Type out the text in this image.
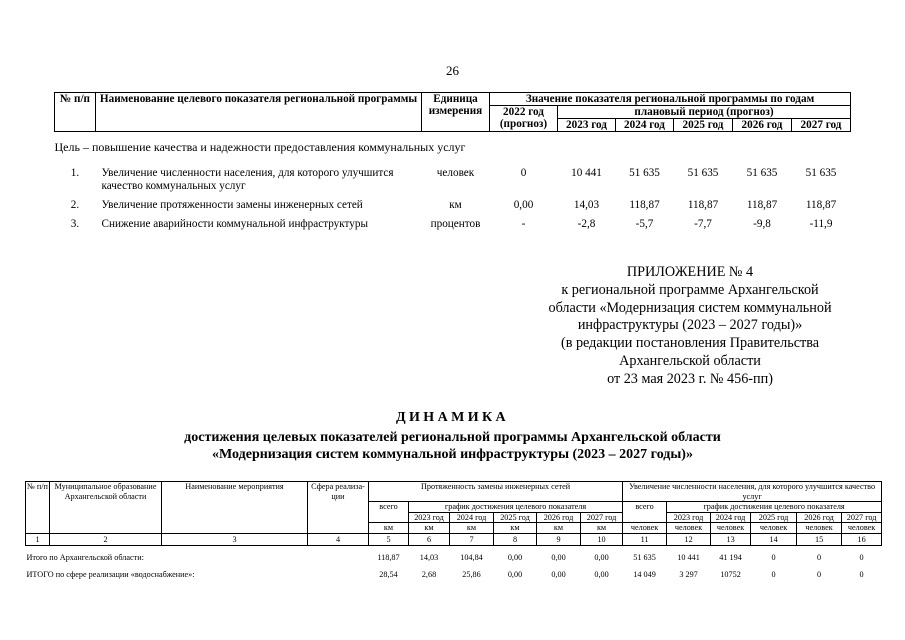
26
№ п/п	Наименование целевого показателя региональной программы	Единица измерения	Значение показателя региональной программы по годам					
			2022 год (прогноз)	плановый период (прогноз)				
				2023 год	2024 год	2025 год	2026 год	2027 год
Цель – повышение качества и надежности предоставления коммунальных услуг								
1.	Увеличение численности населения, для которого улучшится качество коммунальных услуг	человек	0	10 441	51 635	51 635	51 635	51 635
2.	Увеличение протяженности замены инженерных сетей	км	0,00	14,03	118,87	118,87	118,87	118,87
3.	Снижение аварийности коммунальной инфраструктуры	процентов	-	-2,8	-5,7	-7,7	-9,8	-11,9
ПРИЛОЖЕНИЕ № 4
к региональной программе Архангельской
области «Модернизация систем коммунальной
инфраструктуры (2023 – 2027 годы)»
(в редакции постановления Правительства
Архангельской области
от 23 мая 2023 г. № 456-пп)
ДИНАМИКА
достижения целевых показателей региональной программы Архангельской области
«Модернизация систем коммунальной инфраструктуры (2023 – 2027 годы)»
№ п/п	Муниципальное образование Архангельской области	Наименование мероприятия	Сфера реализа- ции	Протяженность замены инженерных сетей						Увеличение численности населения, для которого улучшится качество услуг					
				всего	график достижения целевого показателя					всего	график достижения целевого показателя				
					2023 год	2024 год	2025 год	2026 год	2027 год		2023 год	2024 год	2025 год	2026 год	2027 год
				км	км	км	км	км	км	человек	человек	человек	человек	человек	человек
1	2	3	4	5	6	7	8	9	10	11	12	13	14	15	16
Итого по Архангельской области:				118,87	14,03	104,84	0,00	0,00	0,00	51 635	10 441	41 194	0	0	0
ИТОГО по сфере реализации «водоснабжение»:				28,54	2,68	25,86	0,00	0,00	0,00	14 049	3 297	10752	0	0	0
